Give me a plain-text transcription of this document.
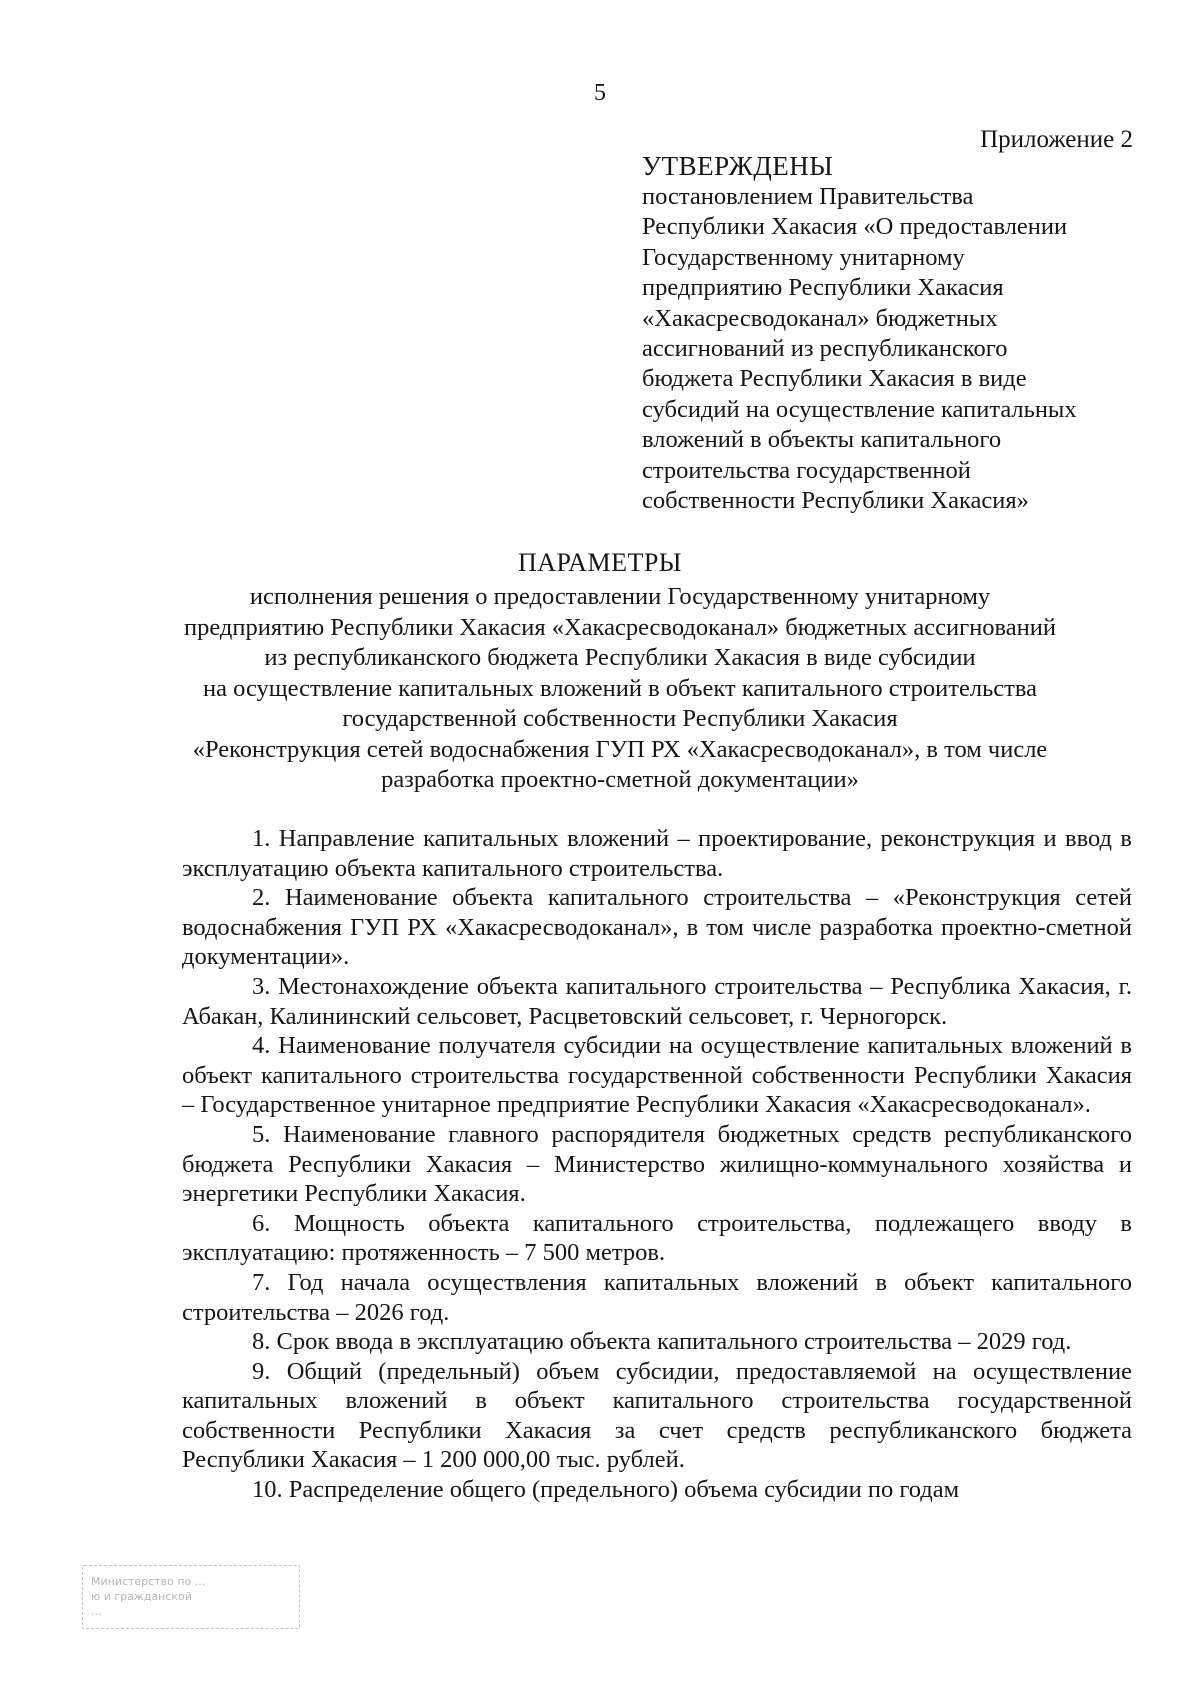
5
Приложение 2
УТВЕРЖДЕНЫ
постановлением Правительства
Республики Хакасия «О предоставлении
Государственному унитарному
предприятию Республики Хакасия
«Хакасресводоканал» бюджетных
ассигнований из республиканского
бюджета Республики Хакасия в виде
субсидий на осуществление капитальных
вложений в объекты капитального
строительства государственной
собственности Республики Хакасия»
ПАРАМЕТРЫ
исполнения решения о предоставлении Государственному унитарному
предприятию Республики Хакасия «Хакасресводоканал» бюджетных ассигнований
из республиканского бюджета Республики Хакасия в виде субсидии
на осуществление капитальных вложений в объект капитального строительства
государственной собственности Республики Хакасия
«Реконструкция сетей водоснабжения ГУП РХ «Хакасресводоканал», в том числе
разработка проектно-сметной документации»

1. Направление капитальных вложений – проектирование, реконструкция и ввод в эксплуатацию объекта капитального строительства.

2. Наименование объекта капитального строительства – «Реконструкция сетей водоснабжения ГУП РХ «Хакасресводоканал», в том числе разработка проектно-сметной документации».

3. Местонахождение объекта капитального строительства – Республика Хакасия, г. Абакан, Калининский сельсовет, Расцветовский сельсовет, г. Черногорск.

4. Наименование получателя субсидии на осуществление капитальных вложений в объект капитального строительства государственной собственности Республики Хакасия – Государственное унитарное предприятие Республики Хакасия «Хакасресводоканал».

5. Наименование главного распорядителя бюджетных средств республиканского бюджета Республики Хакасия – Министерство жилищно-коммунального хозяйства и энергетики Республики Хакасия.

6. Мощность объекта капитального строительства, подлежащего вводу в эксплуатацию: протяженность – 7 500 метров.

7. Год начала осуществления капитальных вложений в объект капитального строительства – 2026 год.

8. Срок ввода в эксплуатацию объекта капитального строительства – 2029 год.

9. Общий (предельный) объем субсидии, предоставляемой на осуществление капитальных вложений в объект капитального строительства государственной собственности Республики Хакасия за счет средств республиканского бюджета Республики Хакасия – 1 200 000,00 тыс. рублей.

10. Распределение общего (предельного) объема субсидии по годам

Министерство по ...
ю и гражданской
...
